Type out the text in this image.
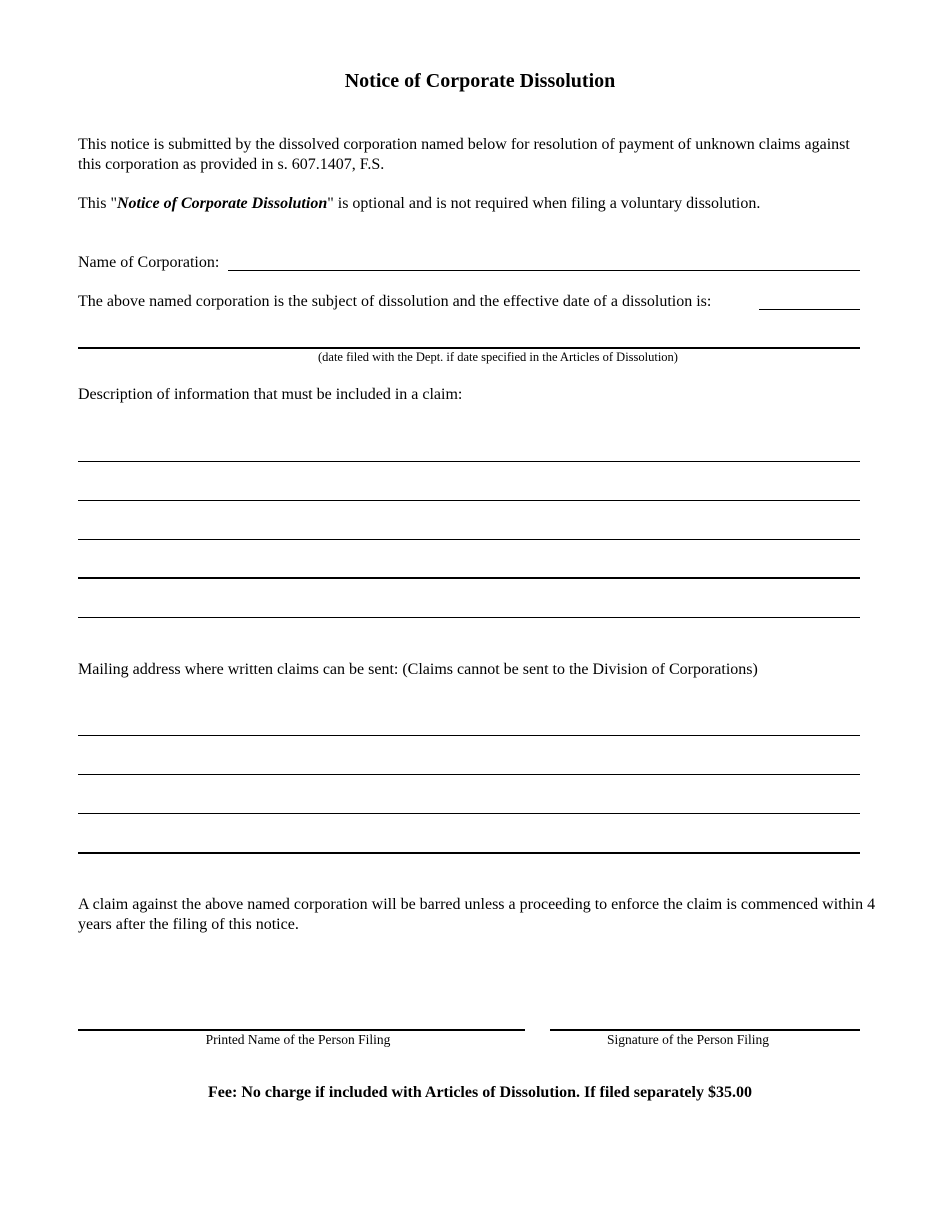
Notice of Corporate Dissolution
This notice is submitted by the dissolved corporation named below for resolution of payment of unknown claims against this corporation as provided in s. 607.1407, F.S.
This "Notice of Corporate Dissolution" is optional and is not required when filing a voluntary dissolution.
Name of Corporation:
The above named corporation is the subject of dissolution and the effective date of a dissolution is:
(date filed with the Dept. if date specified in the Articles of Dissolution)
Description of information that must be included in a claim:
Mailing address where written claims can be sent: (Claims cannot be sent to the Division of Corporations)
A claim against the above named corporation will be barred unless a proceeding to enforce the claim is commenced within 4 years after the filing of this notice.
Printed Name of the Person Filing	Signature of the Person Filing
Fee: No charge if included with Articles of Dissolution. If filed separately $35.00
